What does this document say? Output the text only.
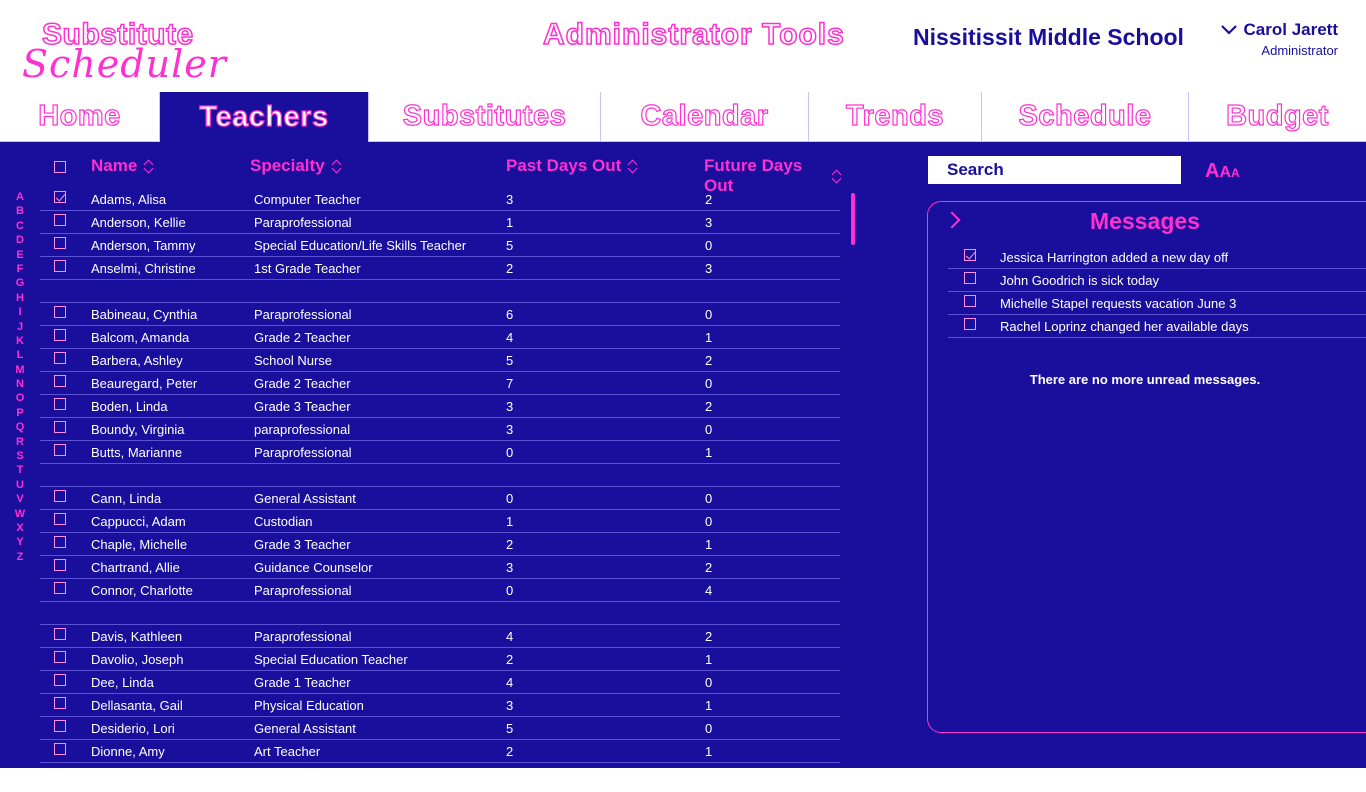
Substitute
Scheduler
Administrator Tools	Nissitissit Middle School	Carol Jarett
Administrator
Home	Teachers	Substitutes	Calendar	Trends	Schedule	Budget
A
B
C
D
E
F
G
H
I
J
K
L
M
N
O
P
Q
R
S
T
U
V
W
X
Y
Z
Name	Specialty	Past Days Out	Future Days Out
Adams, Alisa	Computer Teacher	3	2
Anderson, Kellie	Paraprofessional	1	3
Anderson, Tammy	Special Education/Life Skills Teacher	5	0
Anselmi, Christine	1st Grade Teacher	2	3
Babineau, Cynthia	Paraprofessional	6	0
Balcom, Amanda	Grade 2 Teacher	4	1
Barbera, Ashley	School Nurse	5	2
Beauregard, Peter	Grade 2 Teacher	7	0
Boden, Linda	Grade 3 Teacher	3	2
Boundy, Virginia	paraprofessional	3	0
Butts, Marianne	Paraprofessional	0	1
Cann, Linda	General Assistant	0	0
Cappucci, Adam	Custodian	1	0
Chaple, Michelle	Grade 3 Teacher	2	1
Chartrand, Allie	Guidance Counselor	3	2
Connor, Charlotte	Paraprofessional	0	4
Davis, Kathleen	Paraprofessional	4	2
Davolio, Joseph	Special Education Teacher	2	1
Dee, Linda	Grade 1 Teacher	4	0
Dellasanta, Gail	Physical Education	3	1
Desiderio, Lori	General Assistant	5	0
Dionne, Amy	Art Teacher	2	1
Search
AAA
Messages
Jessica Harrington added a new day off
John Goodrich is sick today
Michelle Stapel requests vacation June 3
Rachel Loprinz changed her available days
There are no more unread messages.
